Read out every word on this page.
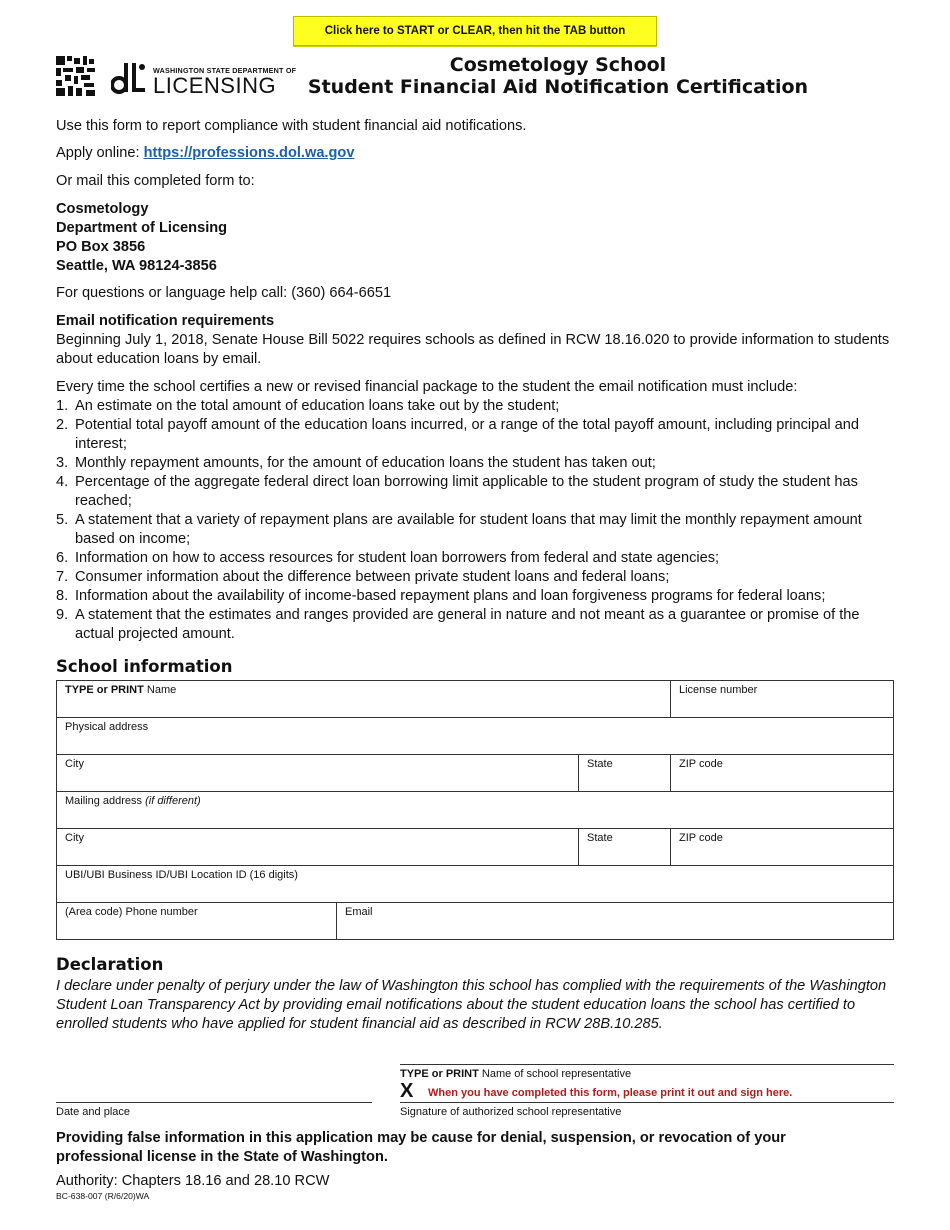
Click here to START or CLEAR, then hit the TAB button
WASHINGTON STATE DEPARTMENT OF
LICENSING
Cosmetology School
Student Financial Aid Notification Certification
Use this form to report compliance with student financial aid notifications.
Apply online: https://professions.dol.wa.gov
Or mail this completed form to:
Cosmetology
Department of Licensing
PO Box 3856
Seattle, WA 98124-3856
For questions or language help call: (360) 664-6651
Email notification requirements
Beginning July 1, 2018, Senate House Bill 5022 requires schools as defined in RCW 18.16.020 to provide information to students about education loans by email.
Every time the school certifies a new or revised financial package to the student the email notification must include:
1. An estimate on the total amount of education loans take out by the student;
2. Potential total payoff amount of the education loans incurred, or a range of the total payoff amount, including principal and interest;
3. Monthly repayment amounts, for the amount of education loans the student has taken out;
4. Percentage of the aggregate federal direct loan borrowing limit applicable to the student program of study the student has reached;
5. A statement that a variety of repayment plans are available for student loans that may limit the monthly repayment amount based on income;
6. Information on how to access resources for student loan borrowers from federal and state agencies;
7. Consumer information about the difference between private student loans and federal loans;
8. Information about the availability of income-based repayment plans and loan forgiveness programs for federal loans;
9. A statement that the estimates and ranges provided are general in nature and not meant as a guarantee or promise of the actual projected amount.
School information
TYPE or PRINT Name	License number
Physical address
City	State	ZIP code
Mailing address (if different)
City	State	ZIP code
UBI/UBI Business ID/UBI Location ID (16 digits)
(Area code) Phone number	Email
Declaration
I declare under penalty of perjury under the law of Washington this school has complied with the requirements of the Washington Student Loan Transparency Act by providing email notifications about the student education loans the school has certified to enrolled students who have applied for student financial aid as described in RCW 28B.10.285.
TYPE or PRINT Name of school representative
X When you have completed this form, please print it out and sign here.
Date and place	Signature of authorized school representative
Providing false information in this application may be cause for denial, suspension, or revocation of your professional license in the State of Washington.
Authority: Chapters 18.16 and 28.10 RCW
BC-638-007 (R/6/20)WA
